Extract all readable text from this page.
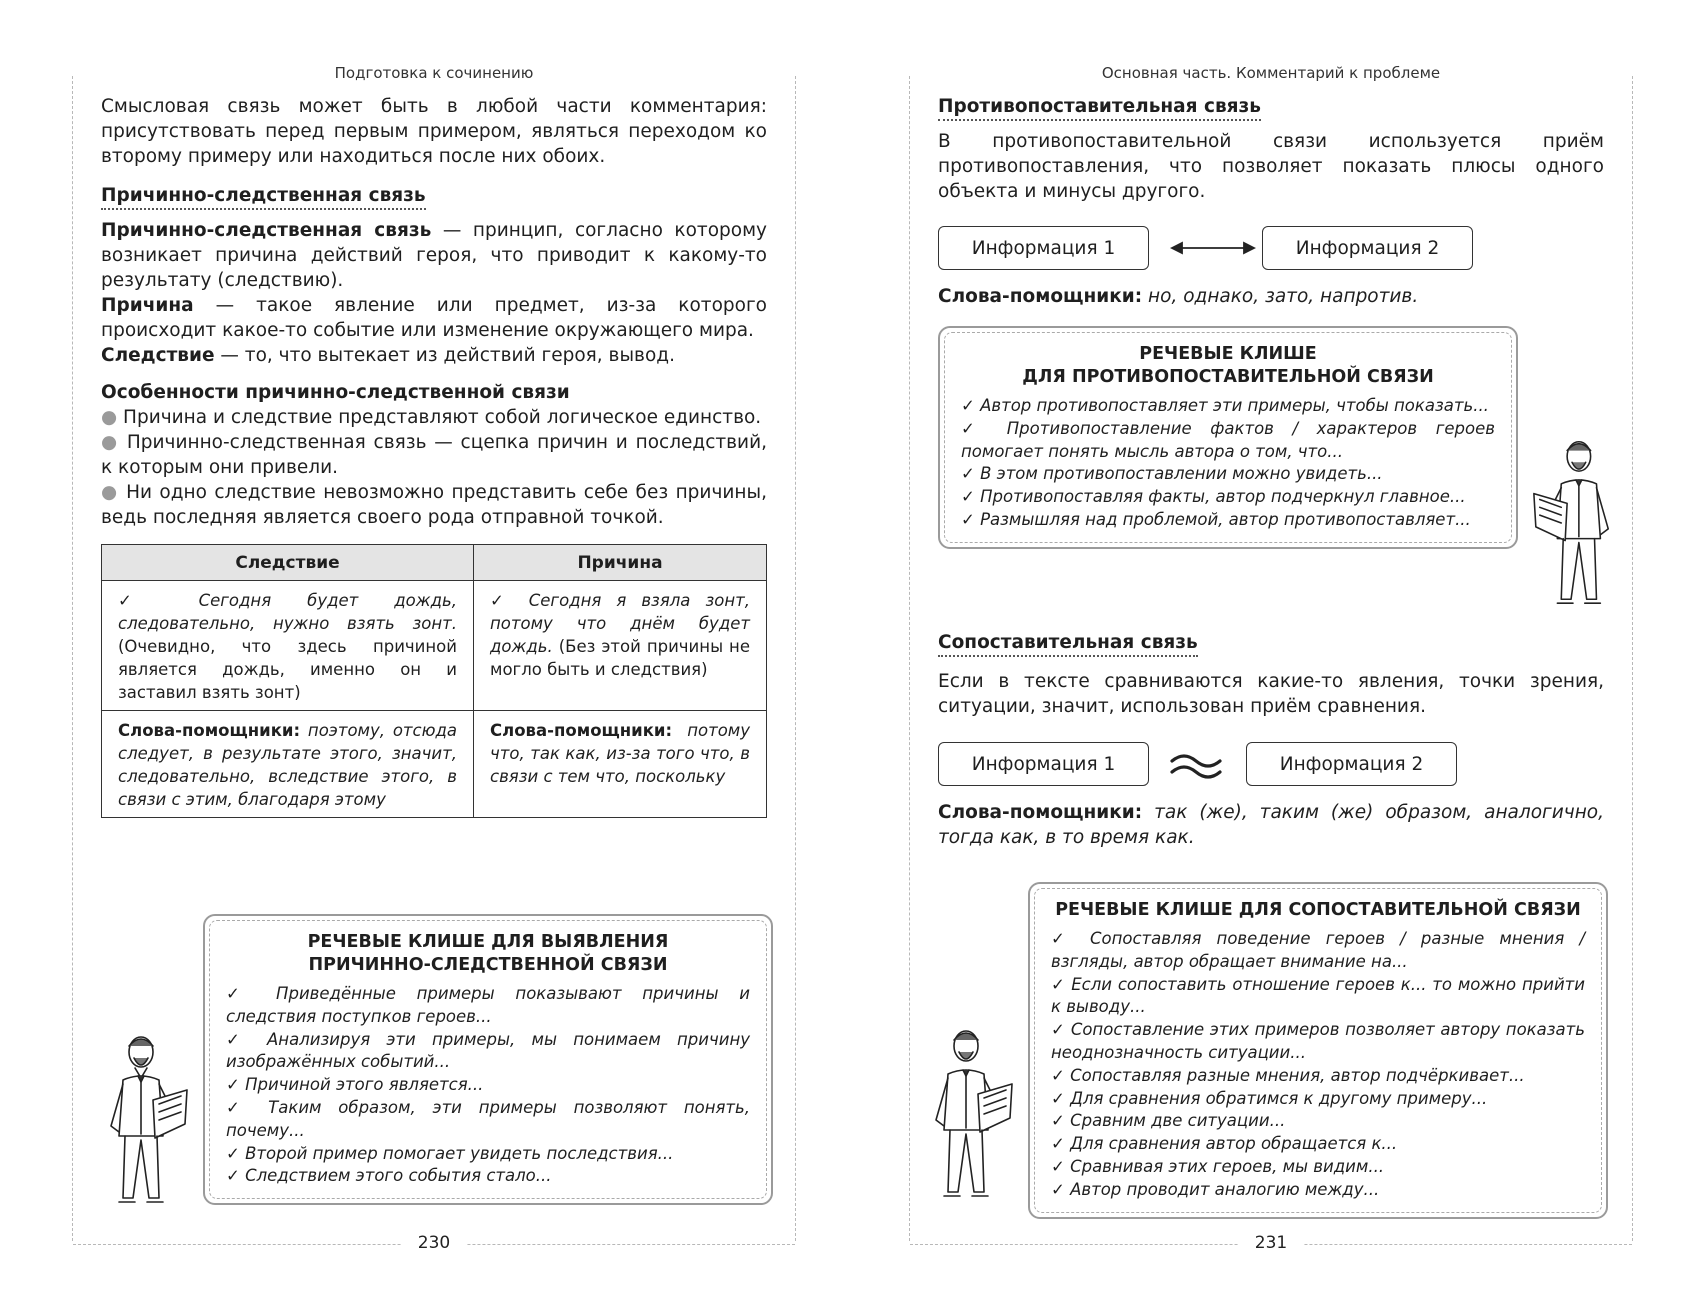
Подготовка к сочинению

Смысловая связь может быть в любой части комментария: присутствовать перед первым примером, являться переходом ко второму примеру или находиться после них обоих.

Причинно-следственная связь

Причинно-следственная связь — принцип, согласно которому возникает причина действий героя, что приводит к какому-то результату (следствию).

Причина — такое явление или предмет, из-за которого происходит какое-то событие или изменение окружающего мира.

Следствие — то, что вытекает из действий героя, вывод.

Особенности причинно-следственной связи

● Причина и следствие представляют собой логическое единство.

● Причинно-следственная связь — сцепка причин и последствий, к которым они привели.

● Ни одно следствие невозможно представить себе без причины, ведь последняя является своего рода отправной точкой.

Следствие	Причина
✓ Сегодня будет дождь, следовательно, нужно взять зонт. (Очевидно, что здесь причиной является дождь, именно он и заставил взять зонт)	✓ Сегодня я взяла зонт, потому что днём будет дождь. (Без этой причины не могло быть и следствия)
Слова-помощники: поэтому, отсюда следует, в результате этого, значит, следовательно, вследствие этого, в связи с этим, благодаря этому	Слова-помощники: потому что, так как, из-за того что, в связи с тем что, поскольку
РЕЧЕВЫЕ КЛИШЕ ДЛЯ ВЫЯВЛЕНИЯ
ПРИЧИННО-СЛЕДСТВЕННОЙ СВЯЗИ
✓ Приведённые примеры показывают причины и следствия поступков героев...
✓ Анализируя эти примеры, мы понимаем причину изображённых событий...
✓ Причиной этого является...
✓ Таким образом, эти примеры позволяют понять, почему...
✓ Второй пример помогает увидеть последствия...
✓ Следствием этого события стало...
230
Основная часть. Комментарий к проблеме
Противопоставительная связь

В противопоставительной связи используется приём противопоставления, что позволяет показать плюсы одного объекта и минусы другого.

Информация 1	Информация 2

Слова-помощники: но, однако, зато, напротив.

РЕЧЕВЫЕ КЛИШЕ
ДЛЯ ПРОТИВОПОСТАВИТЕЛЬНОЙ СВЯЗИ
✓ Автор противопоставляет эти примеры, чтобы показать...
✓ Противопоставление фактов / характеров героев помогает понять мысль автора о том, что...
✓ В этом противопоставлении можно увидеть...
✓ Противопоставляя факты, автор подчеркнул главное...
✓ Размышляя над проблемой, автор противопоставляет...
Сопоставительная связь

Если в тексте сравниваются какие-то явления, точки зрения, ситуации, значит, использован приём сравнения.

Информация 1	Информация 2

Слова-помощники: так (же), таким (же) образом, аналогично, тогда как, в то время как.

РЕЧЕВЫЕ КЛИШЕ ДЛЯ СОПОСТАВИТЕЛЬНОЙ СВЯЗИ
✓ Сопоставляя поведение героев / разные мнения / взгляды, автор обращает внимание на...
✓ Если сопоставить отношение героев к... то можно прийти к выводу...
✓ Сопоставление этих примеров позволяет автору показать неоднозначность ситуации...
✓ Сопоставляя разные мнения, автор подчёркивает...
✓ Для сравнения обратимся к другому примеру...
✓ Сравним две ситуации...
✓ Для сравнения автор обращается к...
✓ Сравнивая этих героев, мы видим...
✓ Автор проводит аналогию между...
231
